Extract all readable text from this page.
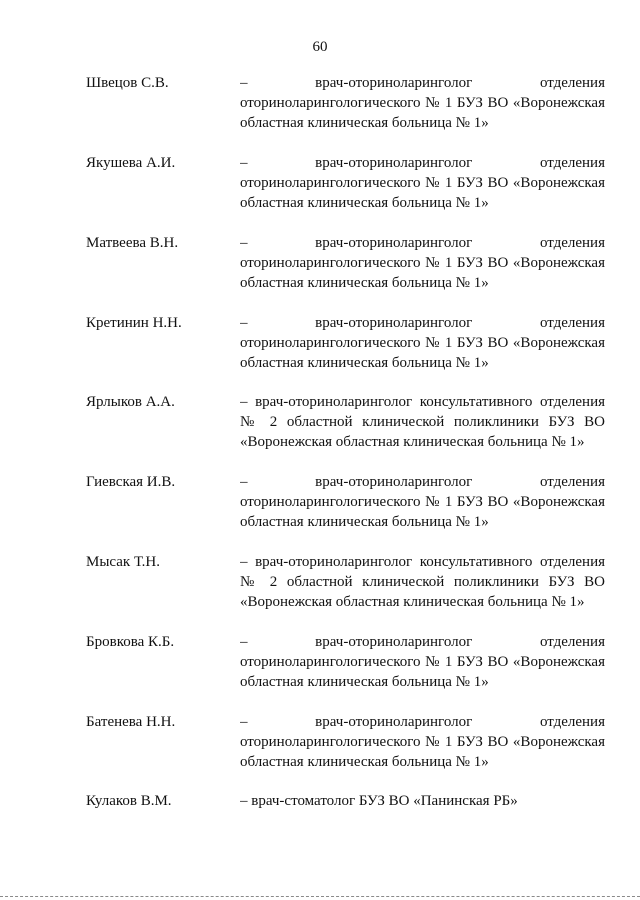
60
Швецов С.В.	– врач-оториноларинголог отделения
оториноларингологического № 1 БУЗ ВО «Воронежская
областная клиническая больница № 1»
Якушева А.И.	– врач-оториноларинголог отделения
оториноларингологического № 1 БУЗ ВО «Воронежская
областная клиническая больница № 1»
Матвеева В.Н.	– врач-оториноларинголог отделения
оториноларингологического № 1 БУЗ ВО «Воронежская
областная клиническая больница № 1»
Кретинин Н.Н.	– врач-оториноларинголог отделения
оториноларингологического № 1 БУЗ ВО «Воронежская
областная клиническая больница № 1»
Ярлыков А.А.	– врач-оториноларинголог консультативного отделения
№ 2 областной клинической поликлиники БУЗ ВО
«Воронежская областная клиническая больница № 1»
Гиевская И.В.	– врач-оториноларинголог отделения
оториноларингологического № 1 БУЗ ВО «Воронежская
областная клиническая больница № 1»
Мысак Т.Н.	– врач-оториноларинголог консультативного отделения
№ 2 областной клинической поликлиники БУЗ ВО
«Воронежская областная клиническая больница № 1»
Бровкова К.Б.	– врач-оториноларинголог отделения
оториноларингологического № 1 БУЗ ВО «Воронежская
областная клиническая больница № 1»
Батенева Н.Н.	– врач-оториноларинголог отделения
оториноларингологического № 1 БУЗ ВО «Воронежская
областная клиническая больница № 1»
Кулаков В.М.	– врач-стоматолог БУЗ ВО «Панинская РБ»
